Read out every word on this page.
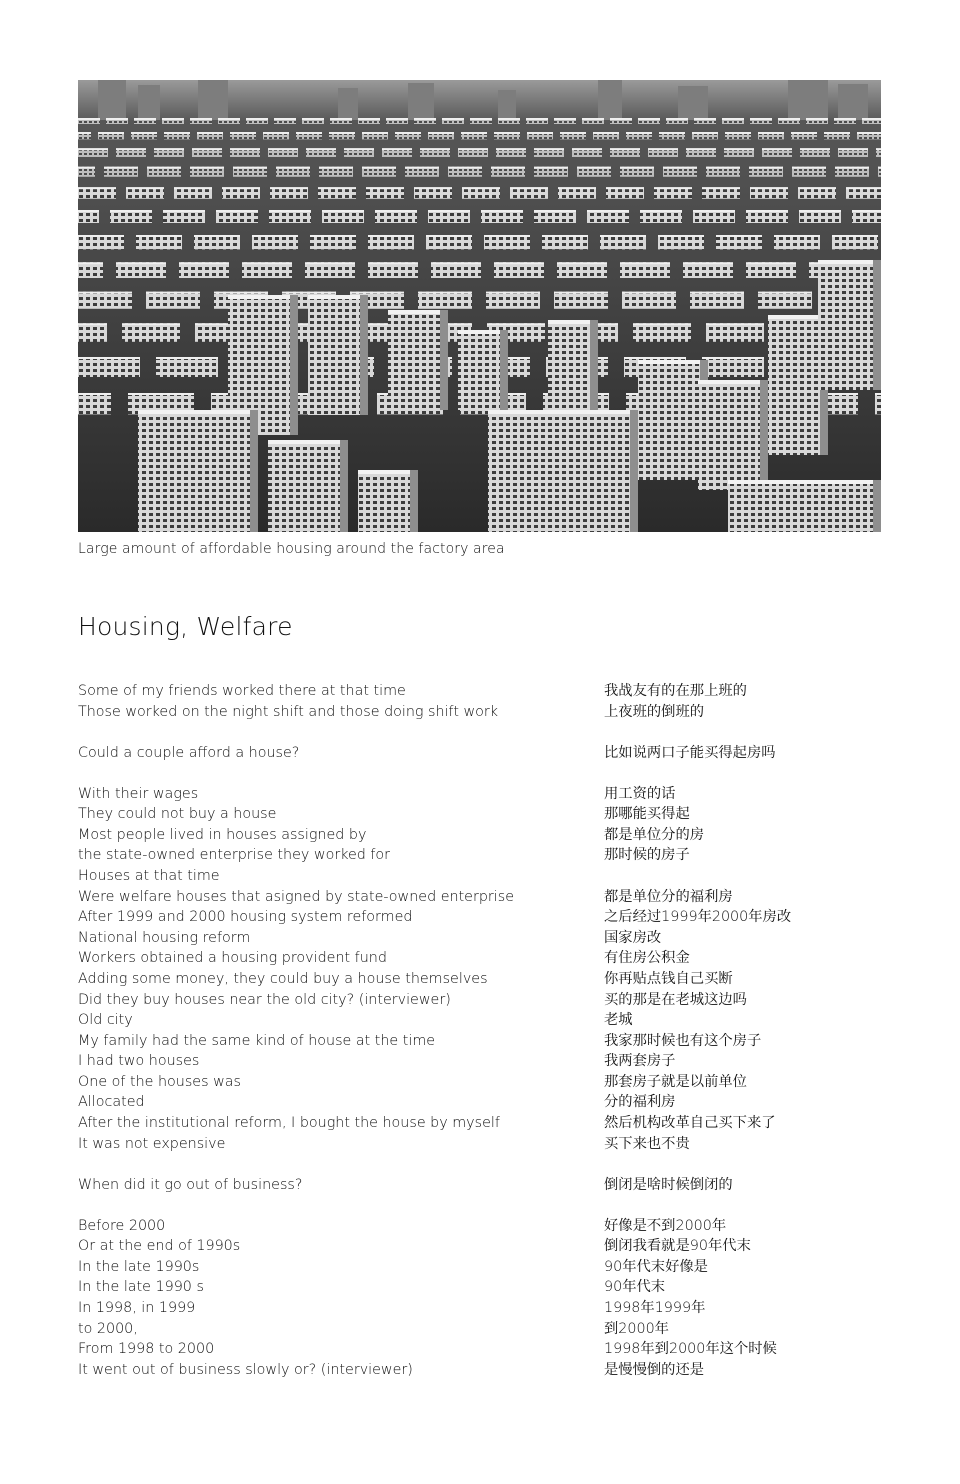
Large amount of affordable housing around the factory area
Housing, Welfare
Some of my friends worked there at that time
Those worked on the night shift and those doing shift work
Could a couple afford a house?
With their wages
They could not buy a house
Most people lived in houses assigned by
the state-owned enterprise they worked for
Houses at that time
Were welfare houses that asigned by state-owned enterprise
After 1999 and 2000 housing system reformed
National housing reform
Workers obtained a housing provident fund
Adding some money, they could buy a house themselves
Did they buy houses near the old city? (interviewer)
Old city
My family had the same kind of house at the time
I had two houses
One of the houses was
Allocated
After the institutional reform, I bought the house by myself
It was not expensive
When did it go out of business?
Before 2000
Or at the end of 1990s
In the late 1990s
In the late 1990 s
In 1998, in 1999
to 2000,
From 1998 to 2000
It went out of business slowly or? (interviewer)
我战友有的在那上班的
上夜班的倒班的
比如说两口子能买得起房吗
用工资的话
那哪能买得起
都是单位分的房
那时候的房子
都是单位分的福利房
之后经过1999年2000年房改
国家房改
有住房公积金
你再贴点钱自己买断
买的那是在老城这边吗
老城
我家那时候也有这个房子
我两套房子
那套房子就是以前单位
分的福利房
然后机构改革自己买下来了
买下来也不贵
倒闭是啥时候倒闭的
好像是不到2000年
倒闭我看就是90年代末
90年代末好像是
90年代末
1998年1999年
到2000年
1998年到2000年这个时候
是慢慢倒的还是
